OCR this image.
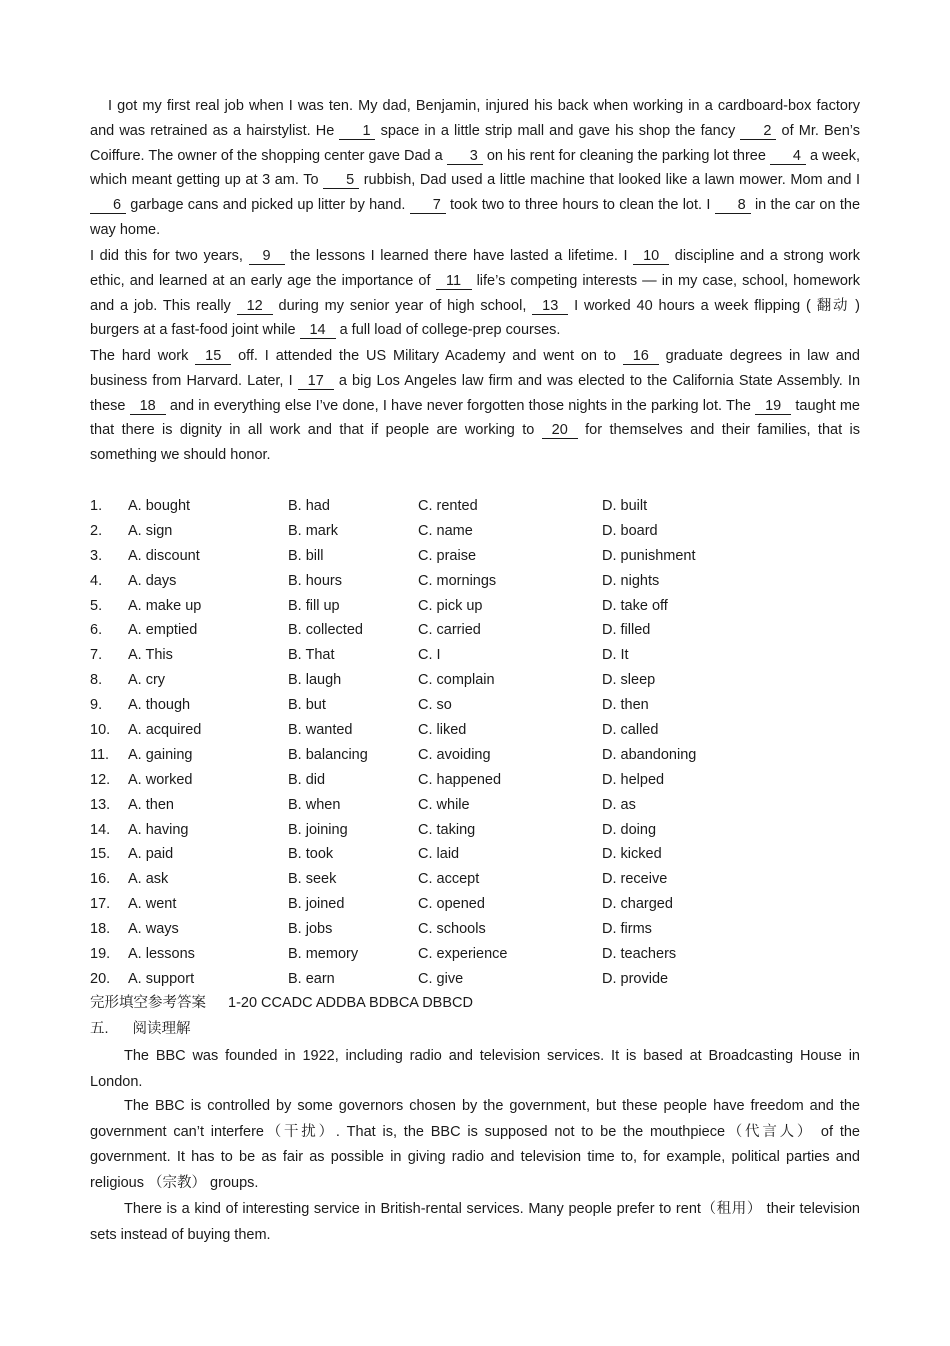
I got my first real job when I was ten. My dad, Benjamin, injured his back when working in a cardboard-box factory and was retrained as a hairstylist. He 1 space in a little strip mall and gave his shop the fancy 2 of Mr. Ben’s Coiffure. The owner of the shopping center gave Dad a 3 on his rent for cleaning the parking lot three 4 a week, which meant getting up at 3 am. To 5 rubbish, Dad used a little machine that looked like a lawn mower. Mom and I 6 garbage cans and picked up litter by hand. 7 took two to three hours to clean the lot. I 8 in the car on the way home.

I did this for two years, 9 the lessons I learned there have lasted a lifetime. I 10 discipline and a strong work ethic, and learned at an early age the importance of 11 life’s competing interests — in my case, school, homework and a job. This really 12 during my senior year of high school, 13 I worked 40 hours a week flipping ( 翻动 ) burgers at a fast-food joint while 14 a full load of college-prep courses.

The hard work 15 off. I attended the US Military Academy and went on to 16 graduate degrees in law and business from Harvard. Later, I 17 a big Los Angeles law firm and was elected to the California State Assembly. In these 18 and in everything else I’ve done, I have never forgotten those nights in the parking lot. The 19 taught me that there is dignity in all work and that if people are working to 20 for themselves and their families, that is something we should honor.

1. A. bought	B. had	C. rented	D. built
2. A. sign	B. mark	C. name	D. board
3. A. discount	B. bill	C. praise	D. punishment
4. A. days	B. hours	C. mornings	D. nights
5. A. make up	B. fill up	C. pick up	D. take off
6. A. emptied	B. collected	C. carried	D. filled
7. A. This	B. That	C. I	D. It
8. A. cry	B. laugh	C. complain	D. sleep
9. A. though	B. but	C. so	D. then
10. A. acquired	B. wanted	C. liked	D. called
11. A. gaining	B. balancing	C. avoiding	D. abandoning
12. A. worked	B. did	C. happened	D. helped
13. A. then	B. when	C. while	D. as
14. A. having	B. joining	C. taking	D. doing
15. A. paid	B. took	C. laid	D. kicked
16. A. ask	B. seek	C. accept	D. receive
17. A. went	B. joined	C. opened	D. charged
18. A. ways	B. jobs	C. schools	D. firms
19. A. lessons	B. memory	C. experience	D. teachers
20. A. support	B. earn	C. give	D. provide
完形填空参考答案 1-20 CCADC ADDBA BDBCA DBBCD
五. 阅读理解

The BBC was founded in 1922, including radio and television services. It is based at Broadcasting House in London.

The BBC is controlled by some governors chosen by the government, but these people have freedom and the government can’t interfere（干扰）. That is, the BBC is supposed not to be the mouthpiece（代言人） of the government. It has to be as fair as possible in giving radio and television time to, for example, political parties and religious （宗教） groups.

There is a kind of interesting service in British-rental services. Many people prefer to rent（租用） their television sets instead of buying them.
